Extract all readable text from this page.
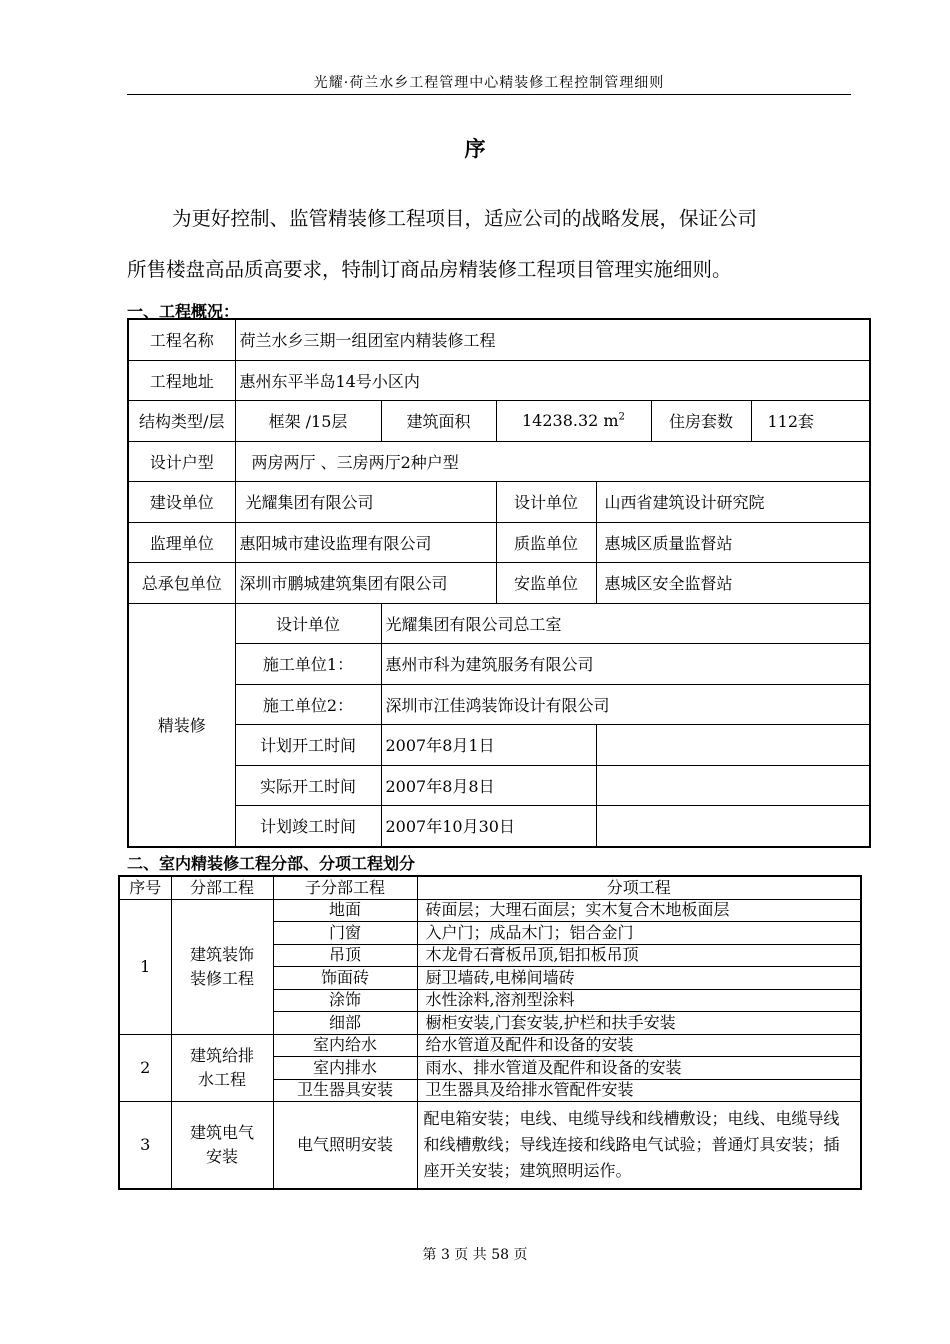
光耀·荷兰水乡工程管理中心精装修工程控制管理细则
序
为更好控制、监管精装修工程项目，适应公司的战略发展，保证公司
所售楼盘高品质高要求，特制订商品房精装修工程项目管理实施细则。
一、工程概况：
工程名称	荷兰水乡三期一组团室内精装修工程					
工程地址	惠州东平半岛14号小区内					
结构类型/层	框架 /15层	建筑面积	14238.32 $m^2$		住房套数	112套
设计户型	两房两厅 、三房两厅2种户型					
建设单位	光耀集团有限公司		设计单位	山西省建筑设计研究院		
监理单位	惠阳城市建设监理有限公司		质监单位	惠城区质量监督站		
总承包单位	深圳市鹏城建筑集团有限公司		安监单位	惠城区安全监督站		
精装修	设计单位	光耀集团有限公司总工室				
	施工单位1：	惠州市科为建筑服务有限公司				
	施工单位2：	深圳市江佳鸿装饰设计有限公司				
	计划开工时间	2007年8月1日				
	实际开工时间	2007年8月8日				
	计划竣工时间	2007年10月30日				
二、室内精装修工程分部、分项工程划分
序号	分部工程	子分部工程	分项工程
1	建筑装饰装修工程	地面	砖面层；大理石面层；实木复合木地板面层
		门窗	入户门；成品木门；铝合金门
		吊顶	木龙骨石膏板吊顶,铝扣板吊顶
		饰面砖	厨卫墙砖,电梯间墙砖
		涂饰	水性涂料,溶剂型涂料
		细部	橱柜安装,门套安装,护栏和扶手安装
2	建筑给排水工程	室内给水	给水管道及配件和设备的安装
		室内排水	雨水、排水管道及配件和设备的安装
		卫生器具安装	卫生器具及给排水管配件安装
3	建筑电气安装	电气照明安装	配电箱安装；电线、电缆导线和线槽敷设；电线、电缆导线和线槽敷线；导线连接和线路电气试验；普通灯具安装；插座开关安装；建筑照明运作。
第 3 页 共 58 页
